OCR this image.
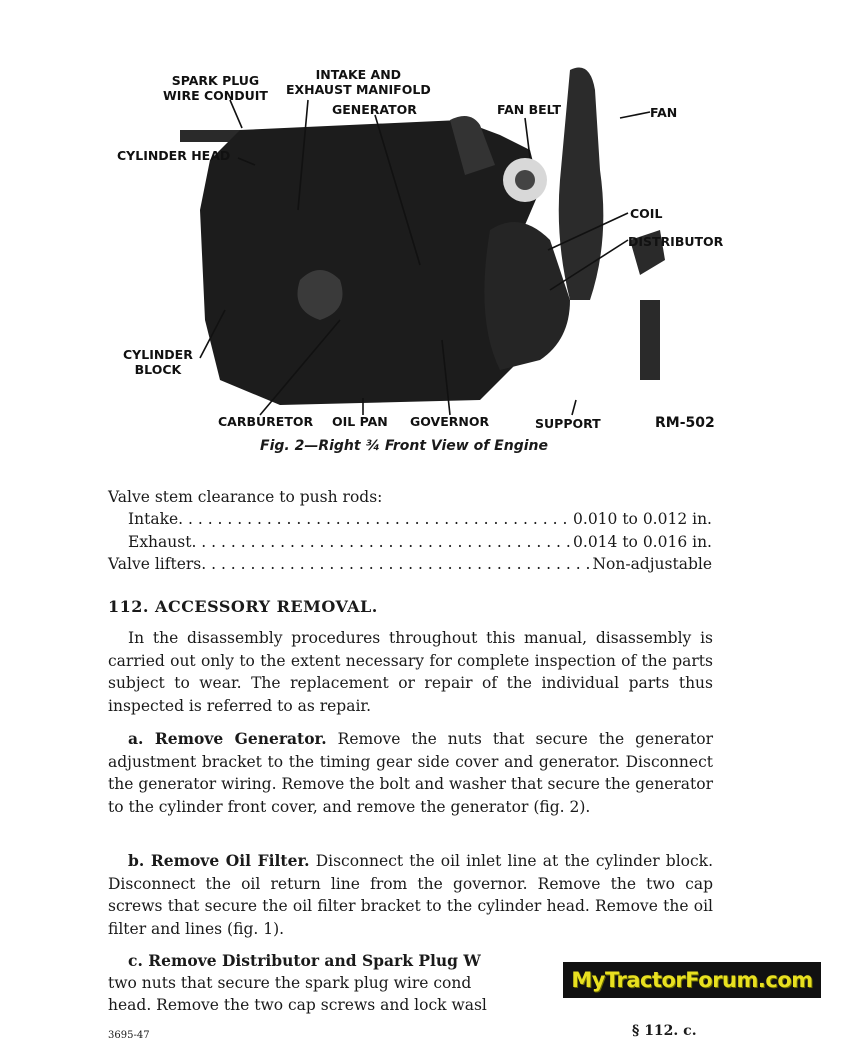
SPARK PLUG
WIRE CONDUIT
INTAKE AND
EXHAUST MANIFOLD
GENERATOR	FAN BELT	FAN
CYLINDER HEAD
COIL
DISTRIBUTOR
CYLINDER
BLOCK
CARBURETOR OIL PAN GOVERNOR	SUPPORT	RM-502
Fig. 2—Right ¾ Front View of Engine
Valve stem clearance to push rods:
Intake . . .	0.010 to 0.012 in.
Exhaust . . .	0.014 to 0.016 in.
Valve lifters . . .	Non-adjustable
112. ACCESSORY REMOVAL.
In the disassembly procedures throughout this manual, disassembly is carried out only to the extent necessary for complete inspection of the parts subject to wear. The replacement or repair of the individual parts thus inspected is referred to as repair.
a. Remove Generator. Remove the nuts that secure the generator adjustment bracket to the timing gear side cover and generator. Disconnect the generator wiring. Remove the bolt and washer that secure the generator to the cylinder front cover, and remove the generator (fig. 2).
b. Remove Oil Filter. Disconnect the oil inlet line at the cylinder block. Disconnect the oil return line from the governor. Remove the two cap screws that secure the oil filter bracket to the cylinder head. Remove the oil filter and lines (fig. 1).
c. Remove Distributor and Spark Plug W
two nuts that secure the spark plug wire cond
head. Remove the two cap screws and lock wasl
MyTractorForum.com
3695-47	§ 112. c.
